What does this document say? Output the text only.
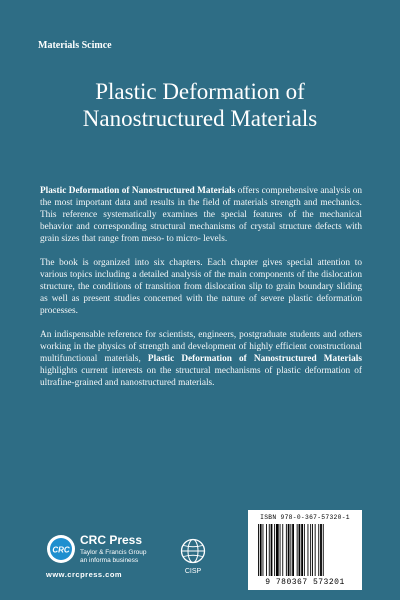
Materials Scimce
Plastic Deformation of
Nanostructured Materials

Plastic Deformation of Nanostructured Materials offers comprehensive analysis on the most important data and results in the field of materials strength and mechanics. This reference systematically examines the special features of the mechanical behavior and corresponding structural mechanisms of crystal structure defects with grain sizes that range from meso- to micro- levels.

The book is organized into six chapters. Each chapter gives special attention to various topics including a detailed analysis of the main components of the dislocation structure, the conditions of transition from dislocation slip to grain boundary sliding as well as present studies concerned with the nature of severe plastic deformation processes.

An indispensable reference for scientists, engineers, postgraduate students and others working in the physics of strength and development of highly efficient constructional multifunctional materials, Plastic Deformation of Nanostructured Materials highlights current interests on the structural mechanisms of plastic deformation of ultrafine-grained and nanostructured materials.

CRC
CRC Press
Taylor & Francis Group
an informa business
www.crcpress.com	CISP
ISBN 978-0-367-57320-1
9 780367 573201
